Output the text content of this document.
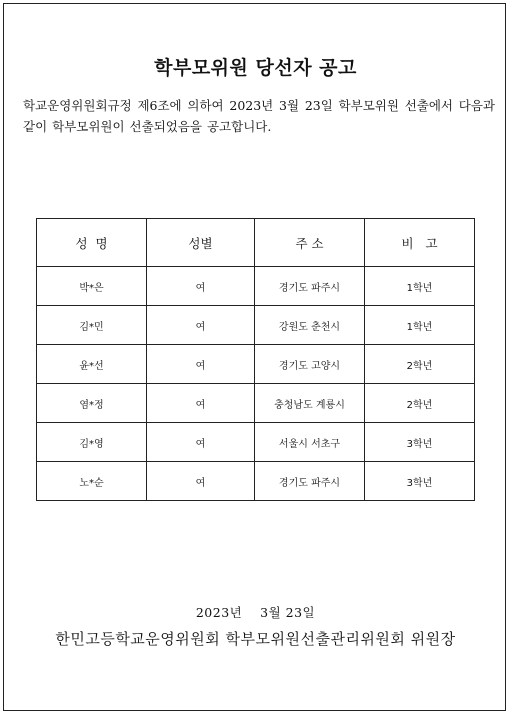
학부모위원 당선자 공고
학교운영위원회규정 제6조에 의하여 2023년 3월 23일 학부모위원 선출에서 다음과 같이 학부모위원이 선출되었음을 공고합니다.
성  명	성별	주 소	비   고
박*은	여	경기도 파주시	1학년
김*민	여	강원도 춘천시	1학년
윤*선	여	경기도 고양시	2학년
염*정	여	충청남도 계룡시	2학년
김*영	여	서울시 서초구	3학년
노*순	여	경기도 파주시	3학년
2023년    3월 23일
한민고등학교운영위원회 학부모위원선출관리위원회 위원장
